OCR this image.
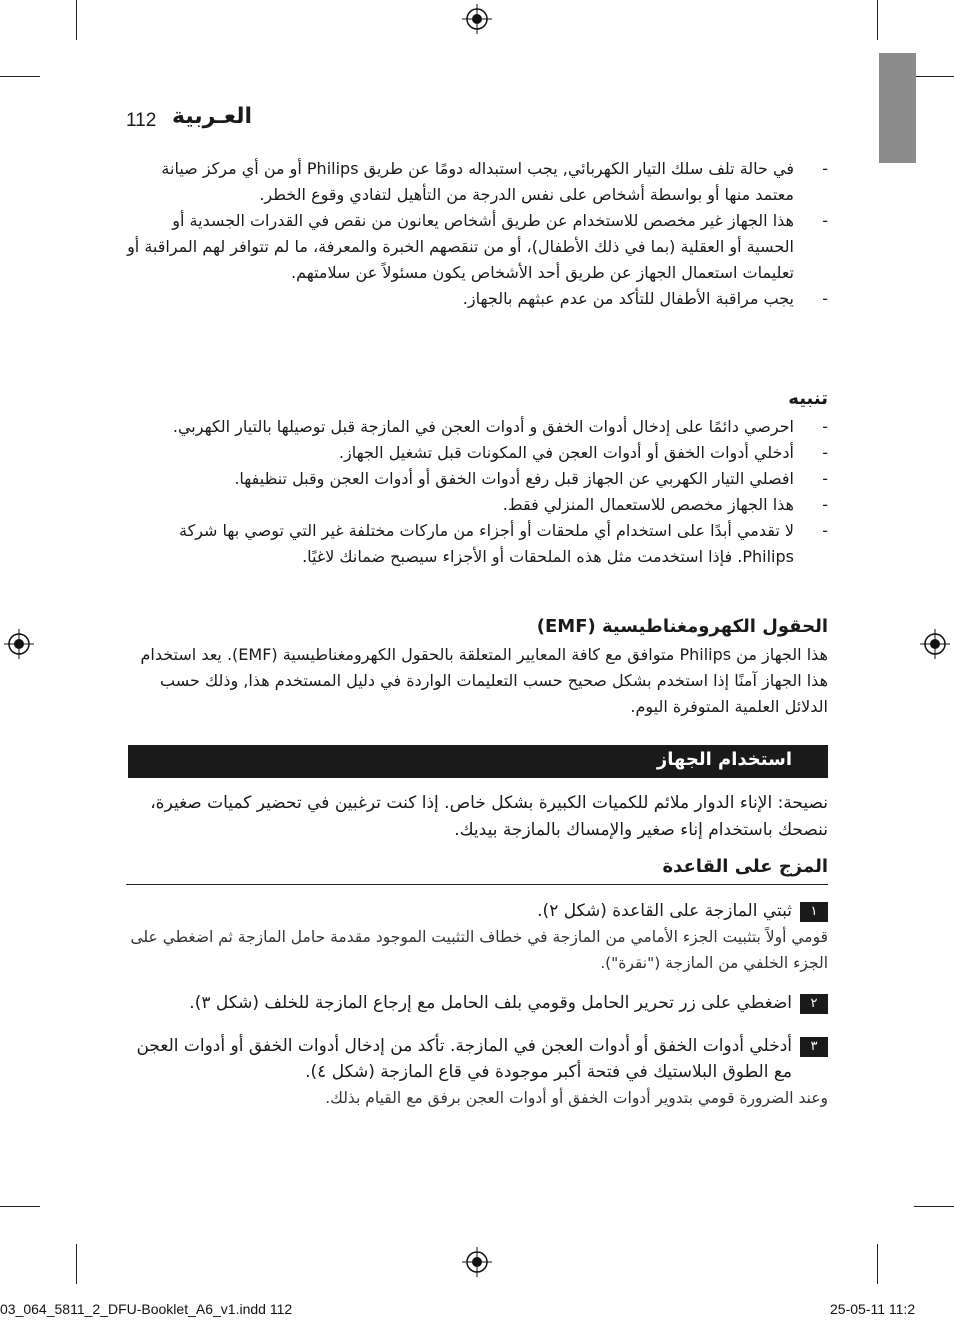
112 العـربية
-
في حالة تلف سلك التيار الكهربائي, يجب استبداله دومًا عن طريق Philips أو من أي مركز صيانة معتمد منها أو بواسطة أشخاص على نفس الدرجة من التأهيل لتفادي وقوع الخطر.
-
هذا الجهاز غير مخصص للاستخدام عن طريق أشخاص يعانون من نقص في القدرات الجسدية أو الحسية أو العقلية (بما في ذلك الأطفال)، أو من تنقصهم الخبرة والمعرفة، ما لم تتوافر لهم المراقبة أو تعليمات استعمال الجهاز عن طريق أحد الأشخاص يكون مسئولاً عن سلامتهم.
-
يجب مراقبة الأطفال للتأكد من عدم عبثهم بالجهاز.
تنبيه
-
احرصي دائمًا على إدخال أدوات الخفق و أدوات العجن في المازجة قبل توصيلها بالتيار الكهربي.
-
أدخلي أدوات الخفق أو أدوات العجن في المكونات قبل تشغيل الجهاز.
-
افصلي التيار الكهربي عن الجهاز قبل رفع أدوات الخفق أو أدوات العجن وقبل تنظيفها.
-
هذا الجهاز مخصص للاستعمال المنزلي فقط.
-
لا تقدمي أبدًا على استخدام أي ملحقات أو أجزاء من ماركات مختلفة غير التي توصي بها شركة Philips. فإذا استخدمت مثل هذه الملحقات أو الأجزاء سيصبح ضمانك لاغيًا.
الحقول الكهرومغناطيسية (EMF)
هذا الجهاز من Philips متوافق مع كافة المعايير المتعلقة بالحقول الكهرومغناطيسية (EMF). يعد استخدام هذا الجهاز آمنًا إذا استخدم بشكل صحيح حسب التعليمات الواردة في دليل المستخدم هذا, وذلك حسب الدلائل العلمية المتوفرة اليوم.
استخدام الجهاز
نصيحة: الإناء الدوار ملائم للكميات الكبيرة بشكل خاص. إذا كنت ترغبين في تحضير كميات صغيرة، ننصحك باستخدام إناء صغير والإمساك بالمازجة بيديك.
المزج على القاعدة
١
ثبتي المازجة على القاعدة (شكل ٢).
قومي أولاً بتثبيت الجزء الأمامي من المازجة في خطاف التثبيت الموجود مقدمة حامل المازجة ثم اضغطي على الجزء الخلفي من المازجة ("نقرة").
٢
اضغطي على زر تحرير الحامل وقومي بلف الحامل مع إرجاع المازجة للخلف (شكل ٣).
٣
أدخلي أدوات الخفق أو أدوات العجن في المازجة. تأكد من إدخال أدوات الخفق أو أدوات العجن مع الطوق البلاستيك في فتحة أكبر موجودة في قاع المازجة (شكل ٤).
وعند الضرورة قومي بتدوير أدوات الخفق أو أدوات العجن برفق مع القيام بذلك.
03_064_5811_2_DFU-Booklet_A6_v1.indd 112	25-05-11 11:2
